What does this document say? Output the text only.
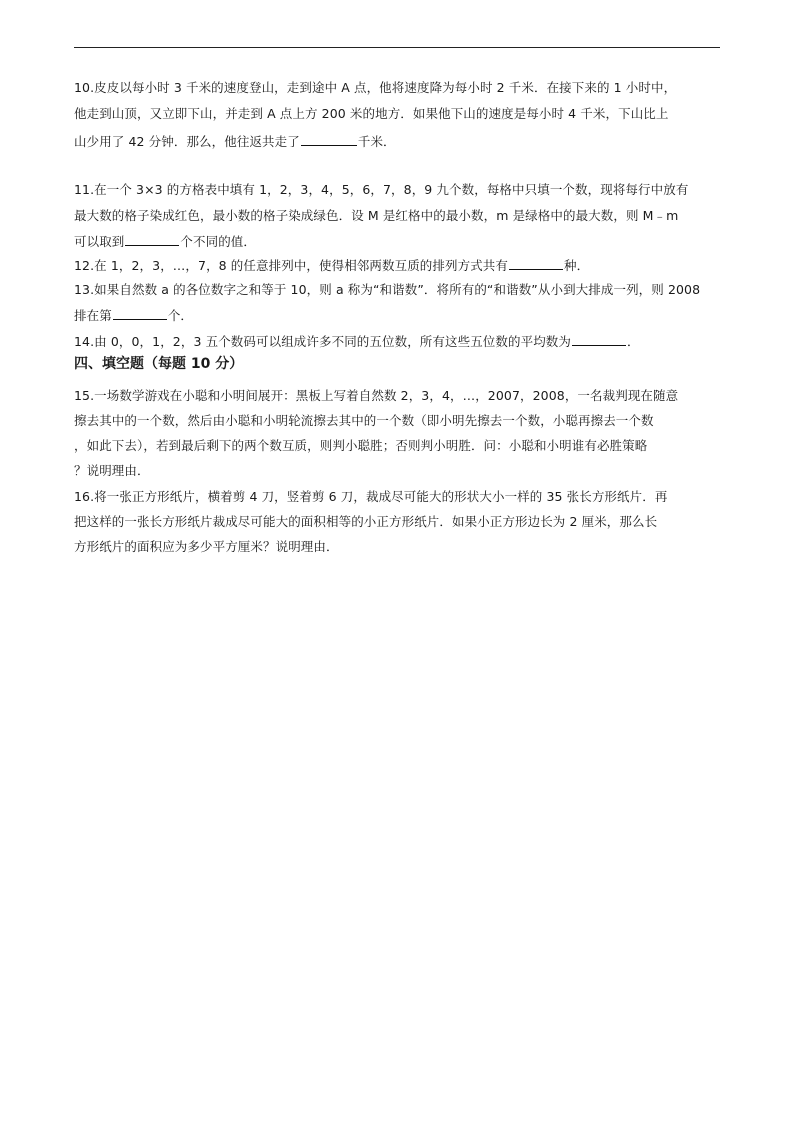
10.皮皮以每小时 3 千米的速度登山，走到途中 A 点，他将速度降为每小时 2 千米．在接下来的 1 小时中，
他走到山顶，又立即下山，并走到 A 点上方 200 米的地方．如果他下山的速度是每小时 4 千米，下山比上
山少用了 42 分钟．那么，他往返共走了	千米．
11.在一个 3×3 的方格表中填有 1，2，3，4，5，6，7，8，9 九个数，每格中只填一个数，现将每行中放有
最大数的格子染成红色，最小数的格子染成绿色．设 M 是红格中的最小数，m 是绿格中的最大数，则 M﹣m
可以取到	个不同的值．
12.在 1，2，3，…，7，8 的任意排列中，使得相邻两数互质的排列方式共有	种．
13.如果自然数 a 的各位数字之和等于 10，则 a 称为“和谐数”．将所有的“和谐数”从小到大排成一列，则 2008
排在第	个．
14.由 0，0，1，2，3 五个数码可以组成许多不同的五位数，所有这些五位数的平均数为	．
四、填空题（每题 10 分）
15.一场数学游戏在小聪和小明间展开：黑板上写着自然数 2，3，4，…，2007，2008，一名裁判现在随意
擦去其中的一个数，然后由小聪和小明轮流擦去其中的一个数（即小明先擦去一个数，小聪再擦去一个数
，如此下去），若到最后剩下的两个数互质，则判小聪胜；否则判小明胜．问：小聪和小明谁有必胜策略
？说明理由．
16.将一张正方形纸片，横着剪 4 刀，竖着剪 6 刀，裁成尽可能大的形状大小一样的 35 张长方形纸片．再
把这样的一张长方形纸片裁成尽可能大的面积相等的小正方形纸片．如果小正方形边长为 2 厘米，那么长
方形纸片的面积应为多少平方厘米？说明理由．
